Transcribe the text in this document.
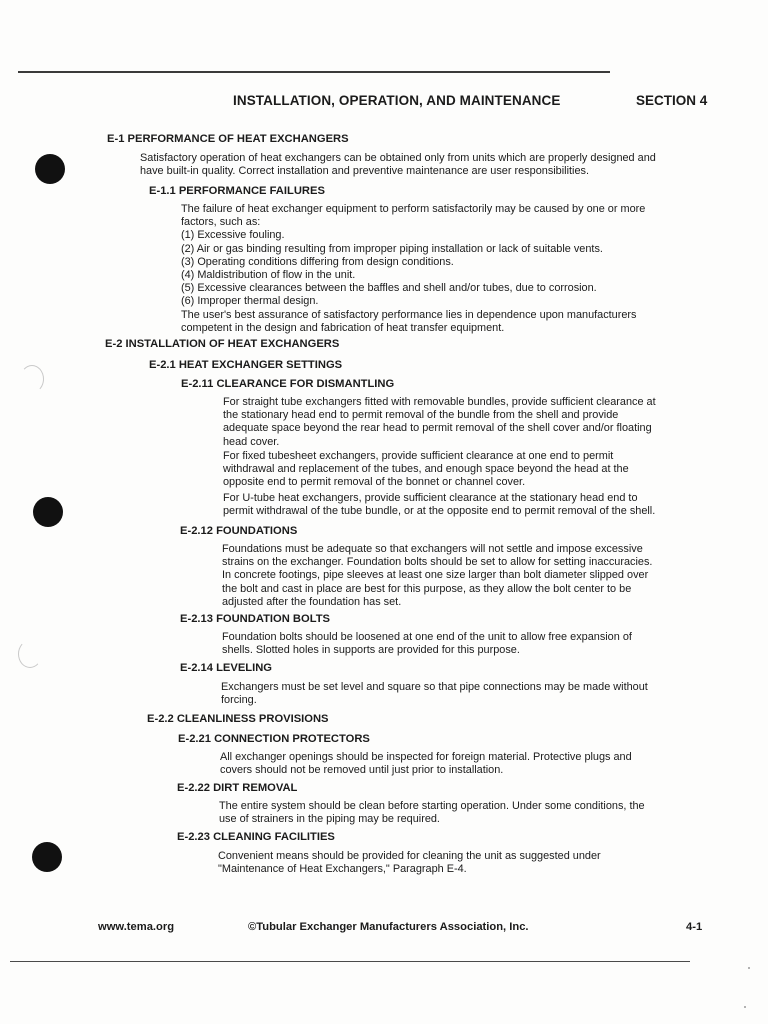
INSTALLATION, OPERATION, AND MAINTENANCE	SECTION 4
E-1 PERFORMANCE OF HEAT EXCHANGERS
Satisfactory operation of heat exchangers can be obtained only from units which are properly designed and
have built-in quality. Correct installation and preventive maintenance are user responsibilities.
E-1.1 PERFORMANCE FAILURES
The failure of heat exchanger equipment to perform satisfactorily may be caused by one or more
factors, such as:
(1) Excessive fouling.
(2) Air or gas binding resulting from improper piping installation or lack of suitable vents.
(3) Operating conditions differing from design conditions.
(4) Maldistribution of flow in the unit.
(5) Excessive clearances between the baffles and shell and/or tubes, due to corrosion.
(6) Improper thermal design.
The user's best assurance of satisfactory performance lies in dependence upon manufacturers
competent in the design and fabrication of heat transfer equipment.
E-2 INSTALLATION OF HEAT EXCHANGERS
E-2.1 HEAT EXCHANGER SETTINGS
E-2.11 CLEARANCE FOR DISMANTLING
For straight tube exchangers fitted with removable bundles, provide sufficient clearance at
the stationary head end to permit removal of the bundle from the shell and provide
adequate space beyond the rear head to permit removal of the shell cover and/or floating
head cover.
For fixed tubesheet exchangers, provide sufficient clearance at one end to permit
withdrawal and replacement of the tubes, and enough space beyond the head at the
opposite end to permit removal of the bonnet or channel cover.
For U-tube heat exchangers, provide sufficient clearance at the stationary head end to
permit withdrawal of the tube bundle, or at the opposite end to permit removal of the shell.
E-2.12 FOUNDATIONS
Foundations must be adequate so that exchangers will not settle and impose excessive
strains on the exchanger. Foundation bolts should be set to allow for setting inaccuracies.
In concrete footings, pipe sleeves at least one size larger than bolt diameter slipped over
the bolt and cast in place are best for this purpose, as they allow the bolt center to be
adjusted after the foundation has set.
E-2.13 FOUNDATION BOLTS
Foundation bolts should be loosened at one end of the unit to allow free expansion of
shells. Slotted holes in supports are provided for this purpose.
E-2.14 LEVELING
Exchangers must be set level and square so that pipe connections may be made without
forcing.
E-2.2 CLEANLINESS PROVISIONS
E-2.21 CONNECTION PROTECTORS
All exchanger openings should be inspected for foreign material. Protective plugs and
covers should not be removed until just prior to installation.
E-2.22 DIRT REMOVAL
The entire system should be clean before starting operation. Under some conditions, the
use of strainers in the piping may be required.
E-2.23 CLEANING FACILITIES
Convenient means should be provided for cleaning the unit as suggested under
"Maintenance of Heat Exchangers," Paragraph E-4.
www.tema.org	©Tubular Exchanger Manufacturers Association, Inc.	4-1
